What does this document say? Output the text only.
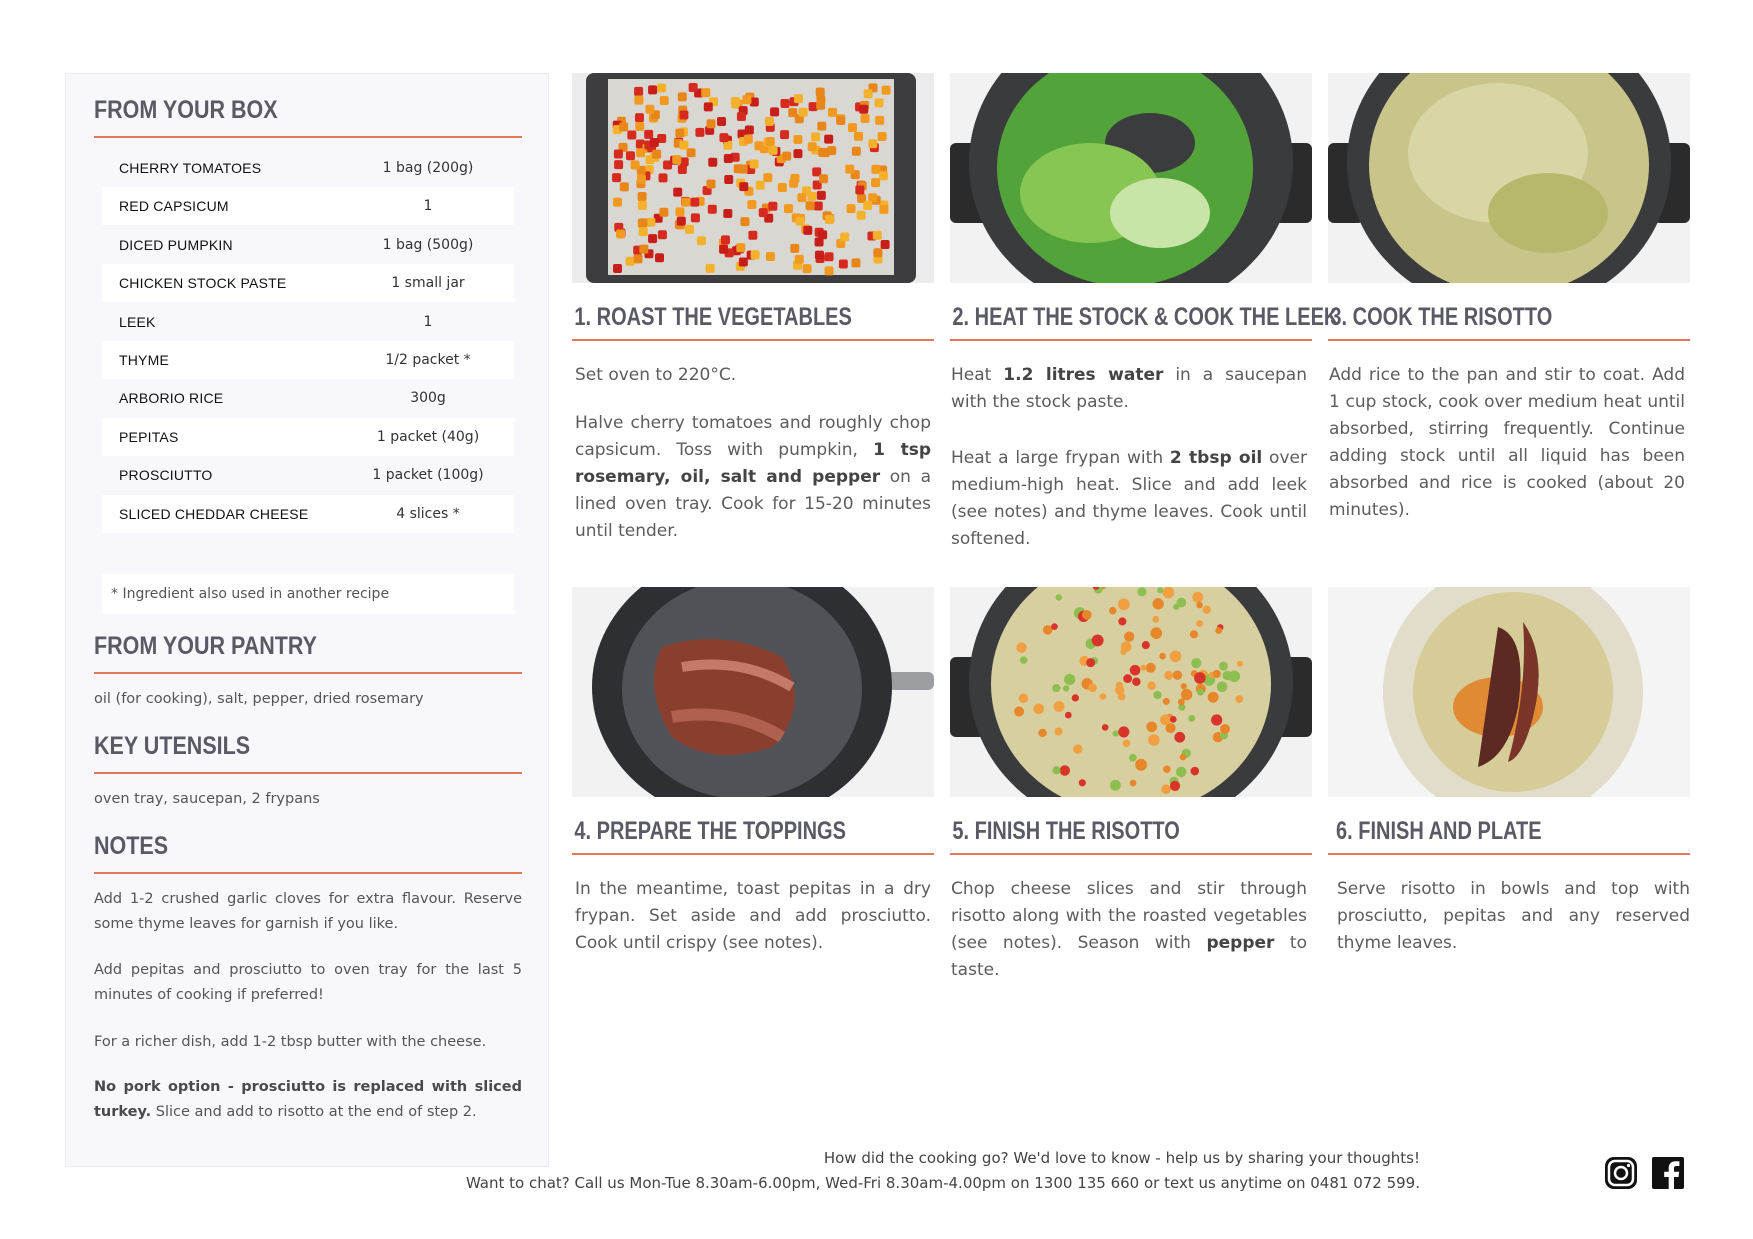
FROM YOUR BOX
CHERRY TOMATOES	1 bag (200g)
RED CAPSICUM	1
DICED PUMPKIN	1 bag (500g)
CHICKEN STOCK PASTE	1 small jar
LEEK	1
THYME	1/2 packet *
ARBORIO RICE	300g
PEPITAS	1 packet (40g)
PROSCIUTTO	1 packet (100g)
SLICED CHEDDAR CHEESE	4 slices *
* Ingredient also used in another recipe
FROM YOUR PANTRY
oil (for cooking), salt, pepper, dried rosemary
KEY UTENSILS
oven tray, saucepan, 2 frypans
NOTES
Add 1-2 crushed garlic cloves for extra flavour. Reserve some thyme leaves for garnish if you like.
Add pepitas and prosciutto to oven tray for the last 5 minutes of cooking if preferred!
For a richer dish, add 1-2 tbsp butter with the cheese.
No pork option - prosciutto is replaced with sliced turkey. Slice and add to risotto at the end of step 2.
1. ROAST THE VEGETABLES	2. HEAT THE STOCK & COOK THE LEEK
3. COOK THE RISOTTO

Set oven to 220°C.

Halve cherry tomatoes and roughly chop capsicum. Toss with pumpkin, 1 tsp rosemary, oil, salt and pepper on a lined oven tray. Cook for 15-20 minutes until tender.

Heat 1.2 litres water in a saucepan with the stock paste.

Heat a large frypan with 2 tbsp oil over medium-high heat. Slice and add leek (see notes) and thyme leaves. Cook until softened.

Add rice to the pan and stir to coat. Add 1 cup stock, cook over medium heat until absorbed, stirring frequently. Continue adding stock until all liquid has been absorbed and rice is cooked (about 20 minutes).

4. PREPARE THE TOPPINGS	5. FINISH THE RISOTTO	6. FINISH AND PLATE

In the meantime, toast pepitas in a dry frypan. Set aside and add prosciutto. Cook until crispy (see notes).

Chop cheese slices and stir through risotto along with the roasted vegetables (see notes). Season with pepper to taste.

Serve risotto in bowls and top with prosciutto, pepitas and any reserved thyme leaves.

How did the cooking go? We'd love to know - help us by sharing your thoughts!
Want to chat? Call us Mon-Tue 8.30am-6.00pm, Wed-Fri 8.30am-4.00pm on 1300 135 660 or text us anytime on 0481 072 599.
